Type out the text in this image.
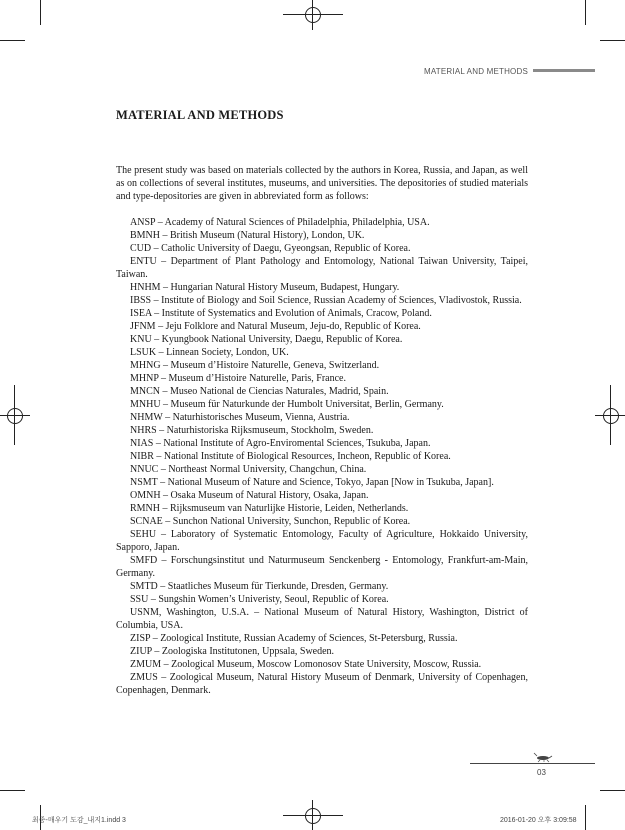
MATERIAL AND METHODS
MATERIAL AND METHODS

The present study was based on materials collected by the authors in Korea, Russia, and Japan, as well as on collections of several institutes, museums, and universities. The depositories of studied materials and type-depositories are given in abbreviated form as follows:

ANSP – Academy of Natural Sciences of Philadelphia, Philadelphia, USA.

BMNH – British Museum (Natural History), London, UK.

CUD – Catholic University of Daegu, Gyeongsan, Republic of Korea.

ENTU – Department of Plant Pathology and Entomology, National Taiwan University, Taipei, Taiwan.

HNHM – Hungarian Natural History Museum, Budapest, Hungary.

IBSS – Institute of Biology and Soil Science, Russian Academy of Sciences, Vladivostok, Russia.

ISEA – Institute of Systematics and Evolution of Animals, Cracow, Poland.

JFNM – Jeju Folklore and Natural Museum, Jeju-do, Republic of Korea.

KNU – Kyungbook National University, Daegu, Republic of Korea.

LSUK – Linnean Society, London, UK.

MHNG – Museum d’Histoire Naturelle, Geneva, Switzerland.

MHNP – Museum d’Histoire Naturelle, Paris, France.

MNCN – Museo National de Ciencias Naturales, Madrid, Spain.

MNHU – Museum für Naturkunde der Humbolt Universitat, Berlin, Germany.

NHMW – Naturhistorisches Museum, Vienna, Austria.

NHRS – Naturhistoriska Rijksmuseum, Stockholm, Sweden.

NIAS – National Institute of Agro-Enviromental Sciences, Tsukuba, Japan.

NIBR – National Institute of Biological Resources, Incheon, Republic of Korea.

NNUC – Northeast Normal University, Changchun, China.

NSMT – National Museum of Nature and Science, Tokyo, Japan [Now in Tsukuba, Japan].

OMNH – Osaka Museum of Natural History, Osaka, Japan.

RMNH – Rijksmuseum van Naturlijke Historie, Leiden, Netherlands.

SCNAE – Sunchon National University, Sunchon, Republic of Korea.

SEHU – Laboratory of Systematic Entomology, Faculty of Agriculture, Hokkaido University, Sapporo, Japan.

SMFD – Forschungsinstitut und Naturmuseum Senckenberg - Entomology, Frankfurt-am-Main, Germany.

SMTD – Staatliches Museum für Tierkunde, Dresden, Germany.

SSU – Sungshin Women’s Univeristy, Seoul, Republic of Korea.

USNM, Washington, U.S.A. – National Museum of Natural History, Washington, District of Columbia, USA.

ZISP – Zoological Institute, Russian Academy of Sciences, St-Petersburg, Russia.

ZIUP – Zoologiska Institutonen, Uppsala, Sweden.

ZMUM – Zoological Museum, Moscow Lomonosov State University, Moscow, Russia.

ZMUS – Zoological Museum, Natural History Museum of Denmark, University of Copenhagen, Copenhagen, Denmark.

03
최종-매우기 도감_내지1.indd 3	2016-01-20 오후 3:09:58
